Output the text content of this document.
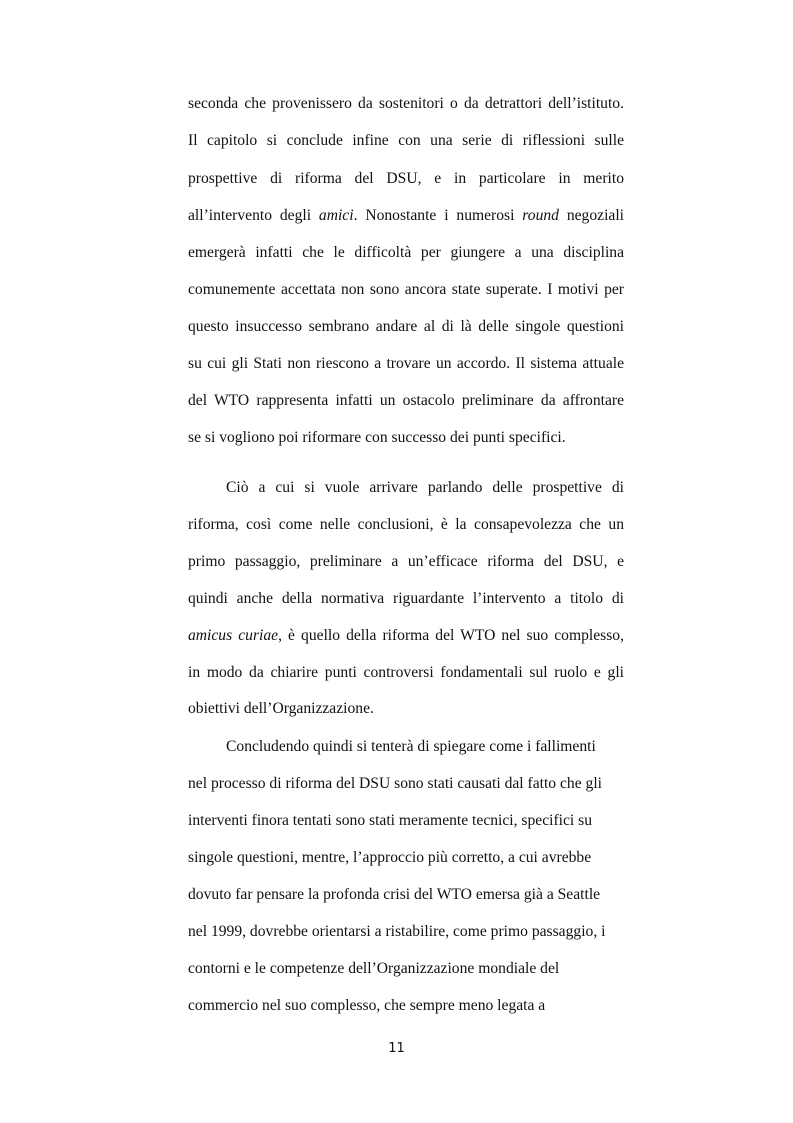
seconda che provenissero da sostenitori o da detrattori dell’istituto.
Il capitolo si conclude infine con una serie di riflessioni sulle
prospettive di riforma del DSU, e in particolare in merito
all’intervento degli amici. Nonostante i numerosi round negoziali
emergerà infatti che le difficoltà per giungere a una disciplina
comunemente accettata non sono ancora state superate. I motivi per
questo insuccesso sembrano andare al di là delle singole questioni
su cui gli Stati non riescono a trovare un accordo. Il sistema attuale
del WTO rappresenta infatti un ostacolo preliminare da affrontare
se si vogliono poi riformare con successo dei punti specifici.
Ciò a cui si vuole arrivare parlando delle prospettive di
riforma, così come nelle conclusioni, è la consapevolezza che un
primo passaggio, preliminare a un’efficace riforma del DSU, e
quindi anche della normativa riguardante l’intervento a titolo di
amicus curiae, è quello della riforma del WTO nel suo complesso,
in modo da chiarire punti controversi fondamentali sul ruolo e gli
obiettivi dell’Organizzazione.
Concludendo quindi si tenterà di spiegare come i fallimenti
nel processo di riforma del DSU sono stati causati dal fatto che gli
interventi finora tentati sono stati meramente tecnici, specifici su
singole questioni, mentre, l’approccio più corretto, a cui avrebbe
dovuto far pensare la profonda crisi del WTO emersa già a Seattle
nel 1999, dovrebbe orientarsi a ristabilire, come primo passaggio, i
contorni e le competenze dell’Organizzazione mondiale del
commercio nel suo complesso, che sempre meno legata a
11
